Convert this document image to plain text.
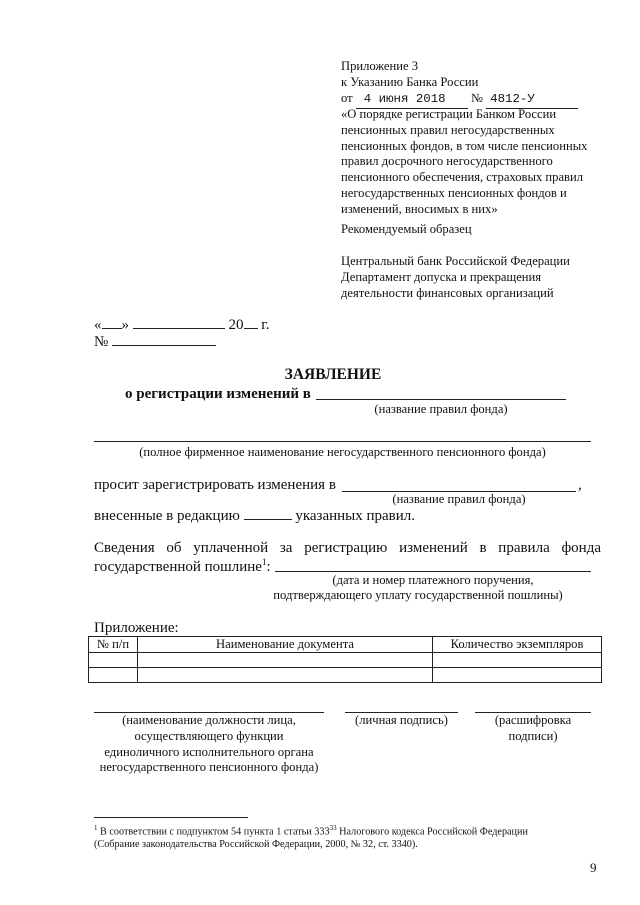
Приложение 3
к Указанию Банка России
от 4 июня 2018 № 4812-У
«О порядке регистрации Банком России
пенсионных правил негосударственных
пенсионных фондов, в том числе пенсионных
правил досрочного негосударственного
пенсионного обеспечения, страховых правил
негосударственных пенсионных фондов и
изменений, вносимых в них»
Рекомендуемый образец
Центральный банк Российской Федерации
Департамент допуска и прекращения
деятельности финансовых организаций
« »	20 г.
№
ЗАЯВЛЕНИЕ
о регистрации изменений в
(название правил фонда)
(полное фирменное наименование негосударственного пенсионного фонда)
просит зарегистрировать изменения в	,
(название правил фонда)
внесенные в редакцию	указанных правил.
Сведения об уплаченной за регистрацию изменений в правила фонда
государственной пошлине$^1$:
(дата и номер платежного поручения,
подтверждающего уплату государственной пошлины)
Приложение:
№ п/п	Наименование документа	Количество экземпляров

(наименование должности лица,
осуществляющего функции
единоличного исполнительного органа
негосударственного пенсионного фонда)
(личная подпись)	(расшифровка
подписи)
$^1$ В соответствии с подпунктом 54 пункта 1 статьи $333^{33}$ Налогового кодекса Российской Федерации
(Собрание законодательства Российской Федерации, 2000, № 32, ст. 3340).
9
